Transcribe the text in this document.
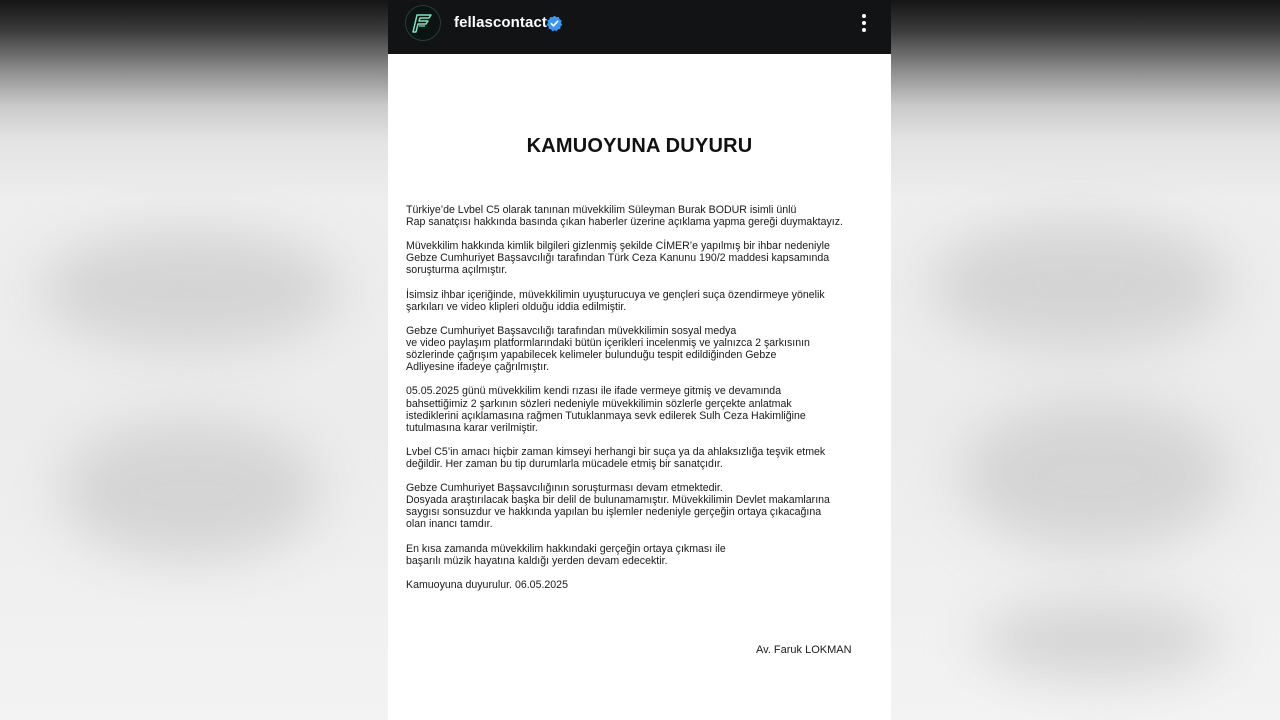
fellascontact
KAMUOYUNA DUYURU
Türkiye’de Lvbel C5 olarak tanınan müvekkilim Süleyman Burak BODUR isimli ünlü
Rap sanatçısı hakkında basında çıkan haberler üzerine açıklama yapma gereği duymaktayız.
Müvekkilim hakkında kimlik bilgileri gizlenmiş şekilde CİMER’e yapılmış bir ihbar nedeniyle
Gebze Cumhuriyet Başsavcılığı tarafından Türk Ceza Kanunu 190/2 maddesi kapsamında
soruşturma açılmıştır.
İsimsiz ihbar içeriğinde, müvekkilimin uyuşturucuya ve gençleri suça özendirmeye yönelik
şarkıları ve video klipleri olduğu iddia edilmiştir.
Gebze Cumhuriyet Başsavcılığı tarafından müvekkilimin sosyal medya
ve video paylaşım platformlarındaki bütün içerikleri incelenmiş ve yalnızca 2 şarkısının
sözlerinde çağrışım yapabilecek kelimeler bulunduğu tespit edildiğinden Gebze
Adliyesine ifadeye çağrılmıştır.
05.05.2025 günü müvekkilim kendi rızası ile ifade vermeye gitmiş ve devamında
bahsettiğimiz 2 şarkının sözleri nedeniyle müvekkilimin sözlerle gerçekte anlatmak
istediklerini açıklamasına rağmen Tutuklanmaya sevk edilerek Sulh Ceza Hakimliğine
tutulmasına karar verilmiştir.
Lvbel C5’in amacı hiçbir zaman kimseyi herhangi bir suça ya da ahlaksızlığa teşvik etmek
değildir. Her zaman bu tip durumlarla mücadele etmiş bir sanatçıdır.
Gebze Cumhuriyet Başsavcılığının soruşturması devam etmektedir.
Dosyada araştırılacak başka bir delil de bulunamamıştır. Müvekkilimin Devlet makamlarına
saygısı sonsuzdur ve hakkında yapılan bu işlemler nedeniyle gerçeğin ortaya çıkacağına
olan inancı tamdır.
En kısa zamanda müvekkilim hakkındaki gerçeğin ortaya çıkması ile
başarılı müzik hayatına kaldığı yerden devam edecektir.
Kamuoyuna duyurulur. 06.05.2025
Av. Faruk LOKMAN
